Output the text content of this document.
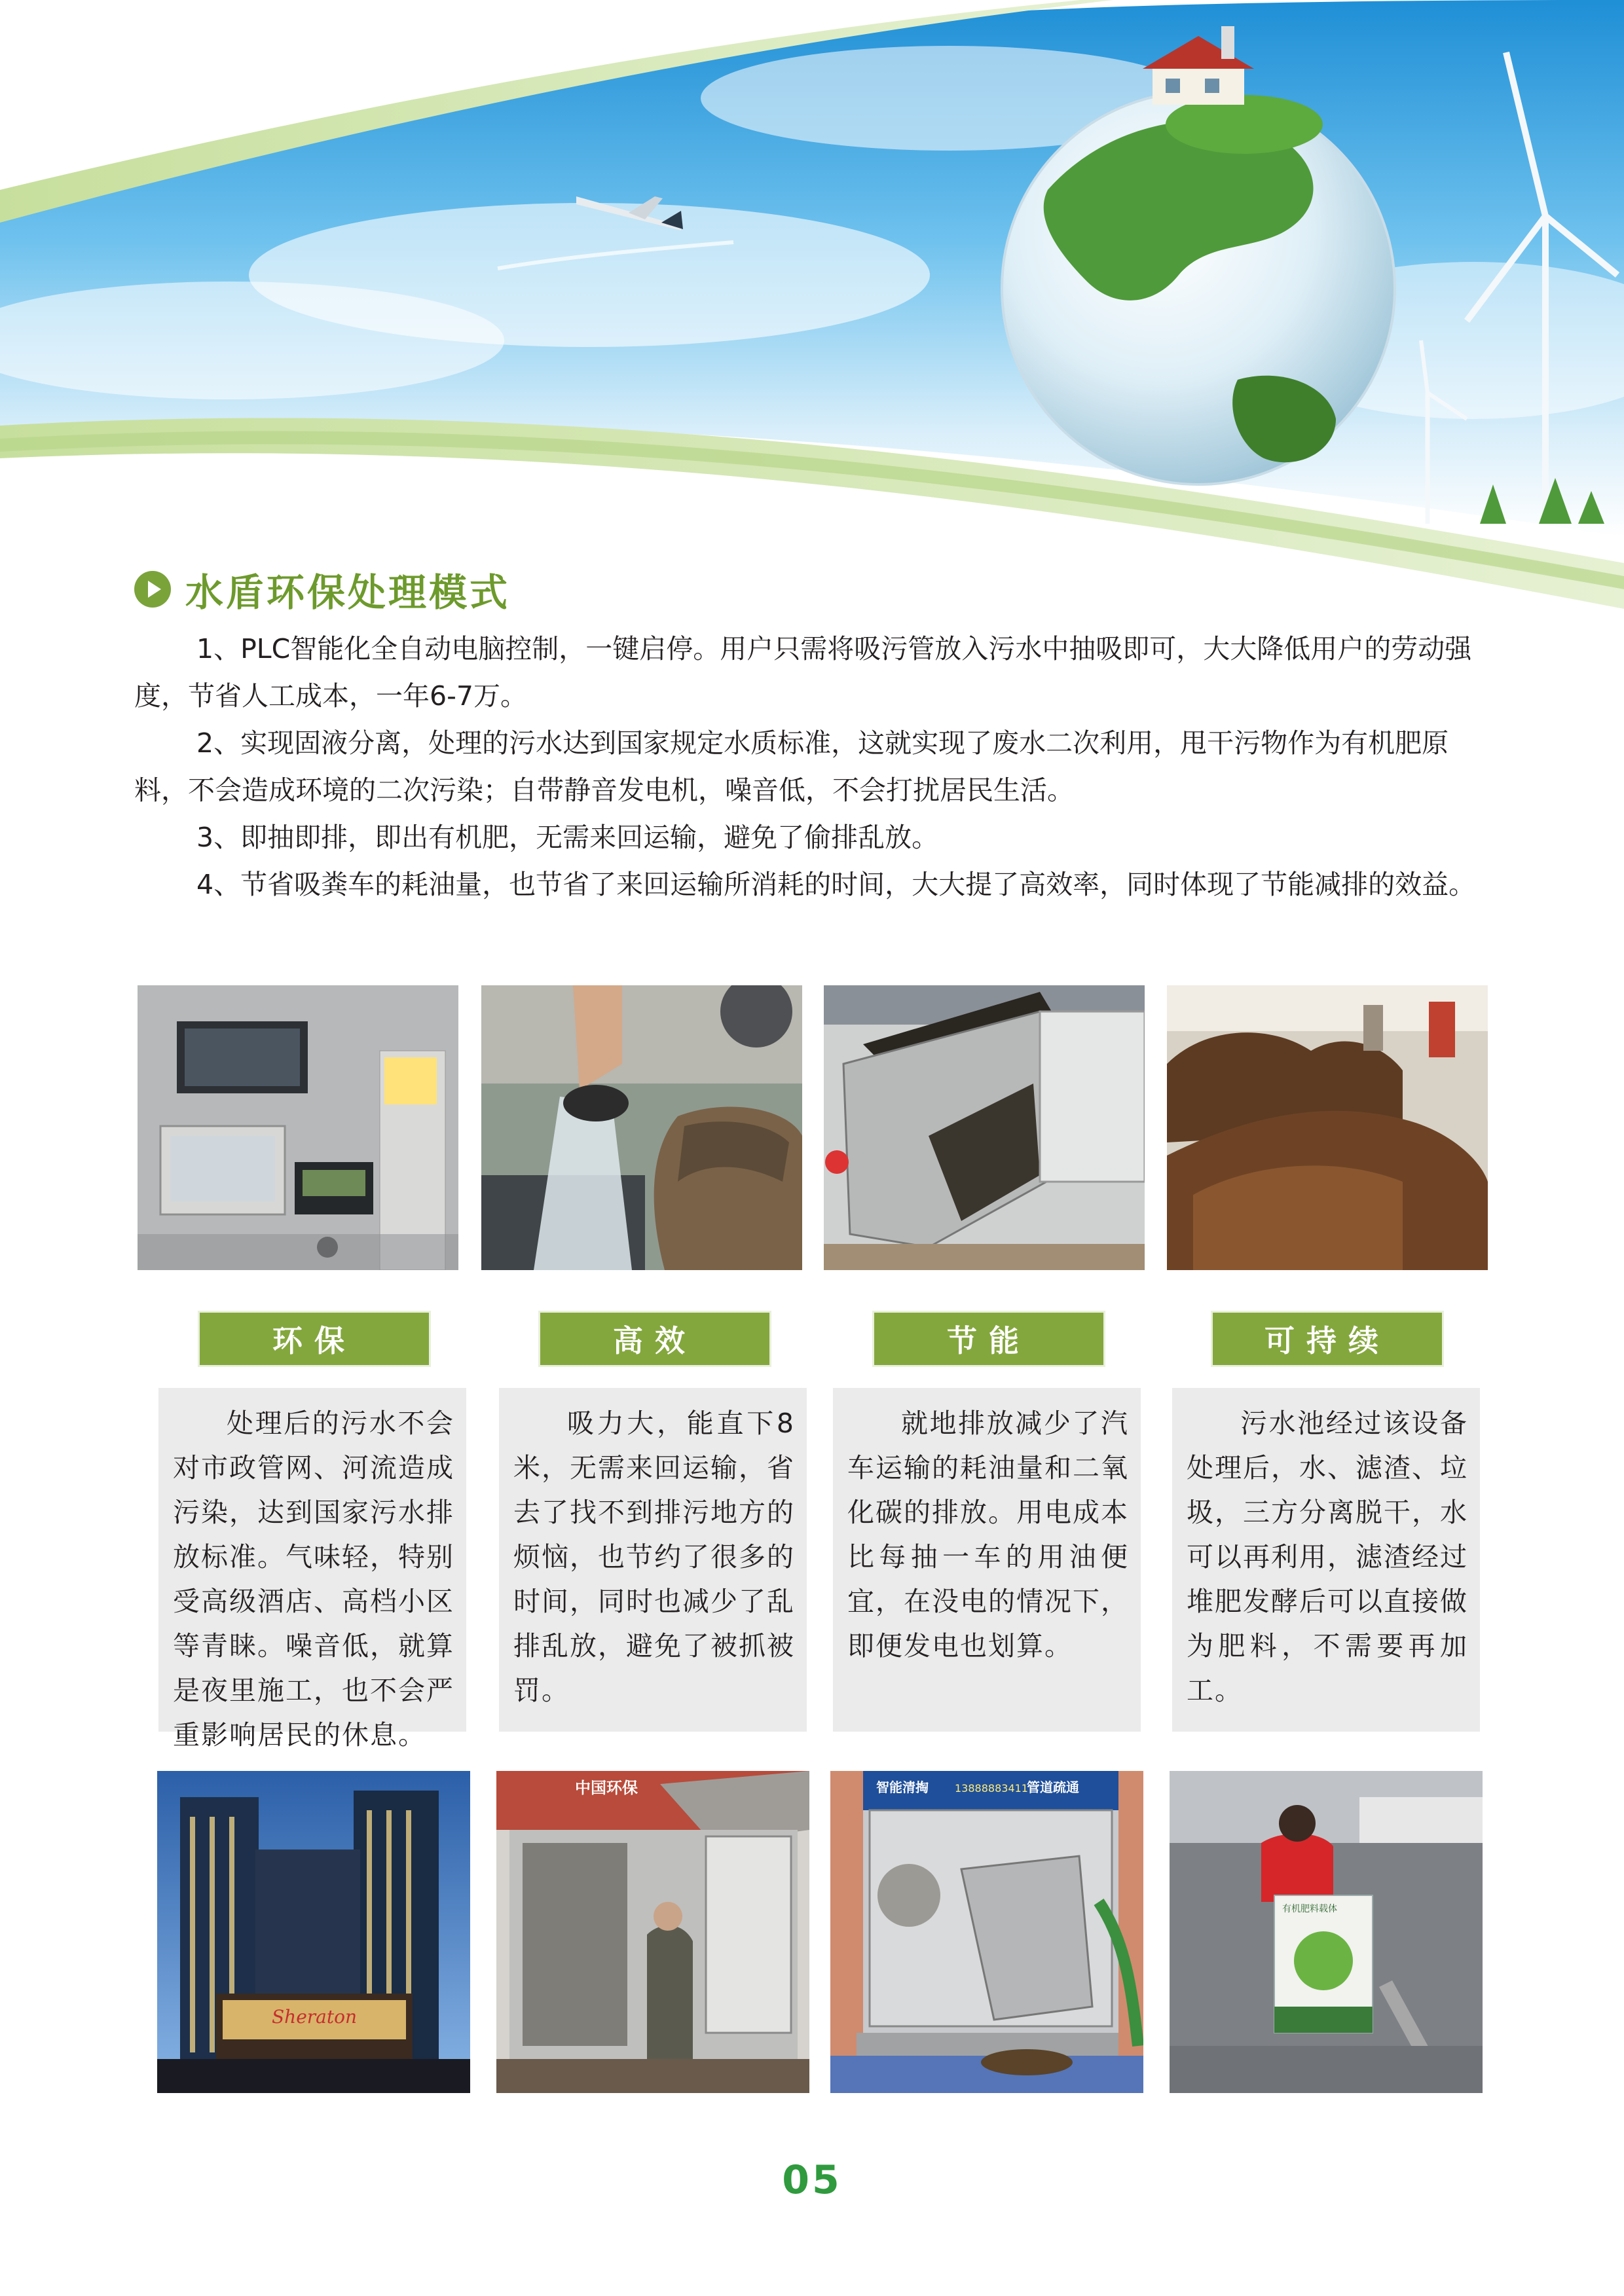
水盾环保处理模式

1、PLC智能化全自动电脑控制，一键启停。用户只需将吸污管放入污水中抽吸即可，大大降低用户的劳动强度，节省人工成本，一年6-7万。

2、实现固液分离，处理的污水达到国家规定水质标准，这就实现了废水二次利用，甩干污物作为有机肥原料，不会造成环境的二次污染；自带静音发电机，噪音低，不会打扰居民生活。

3、即抽即排，即出有机肥，无需来回运输，避免了偷排乱放。

4、节省吸粪车的耗油量，也节省了来回运输所消耗的时间，大大提了高效率，同时体现了节能减排的效益。

环保	高效	节能	可持续

处理后的污水不会对市政管网、河流造成污染，达到国家污水排放标准。气味轻，特别受高级酒店、高档小区等青睐。噪音低，就算是夜里施工，也不会严重影响居民的休息。

吸力大，能直下8米，无需来回运输，省去了找不到排污地方的烦恼，也节约了很多的时间，同时也减少了乱排乱放，避免了被抓被罚。

就地排放减少了汽车运输的耗油量和二氧化碳的排放。用电成本比每抽一车的用油便宜，在没电的情况下，即便发电也划算。

污水池经过该设备处理后，水、滤渣、垃圾，三方分离脱干，水可以再利用，滤渣经过堆肥发酵后可以直接做为肥料，不需要再加工。

Sheraton
中国环保	智能清掏	管道疏通
13888883411
有机肥料载体
05
